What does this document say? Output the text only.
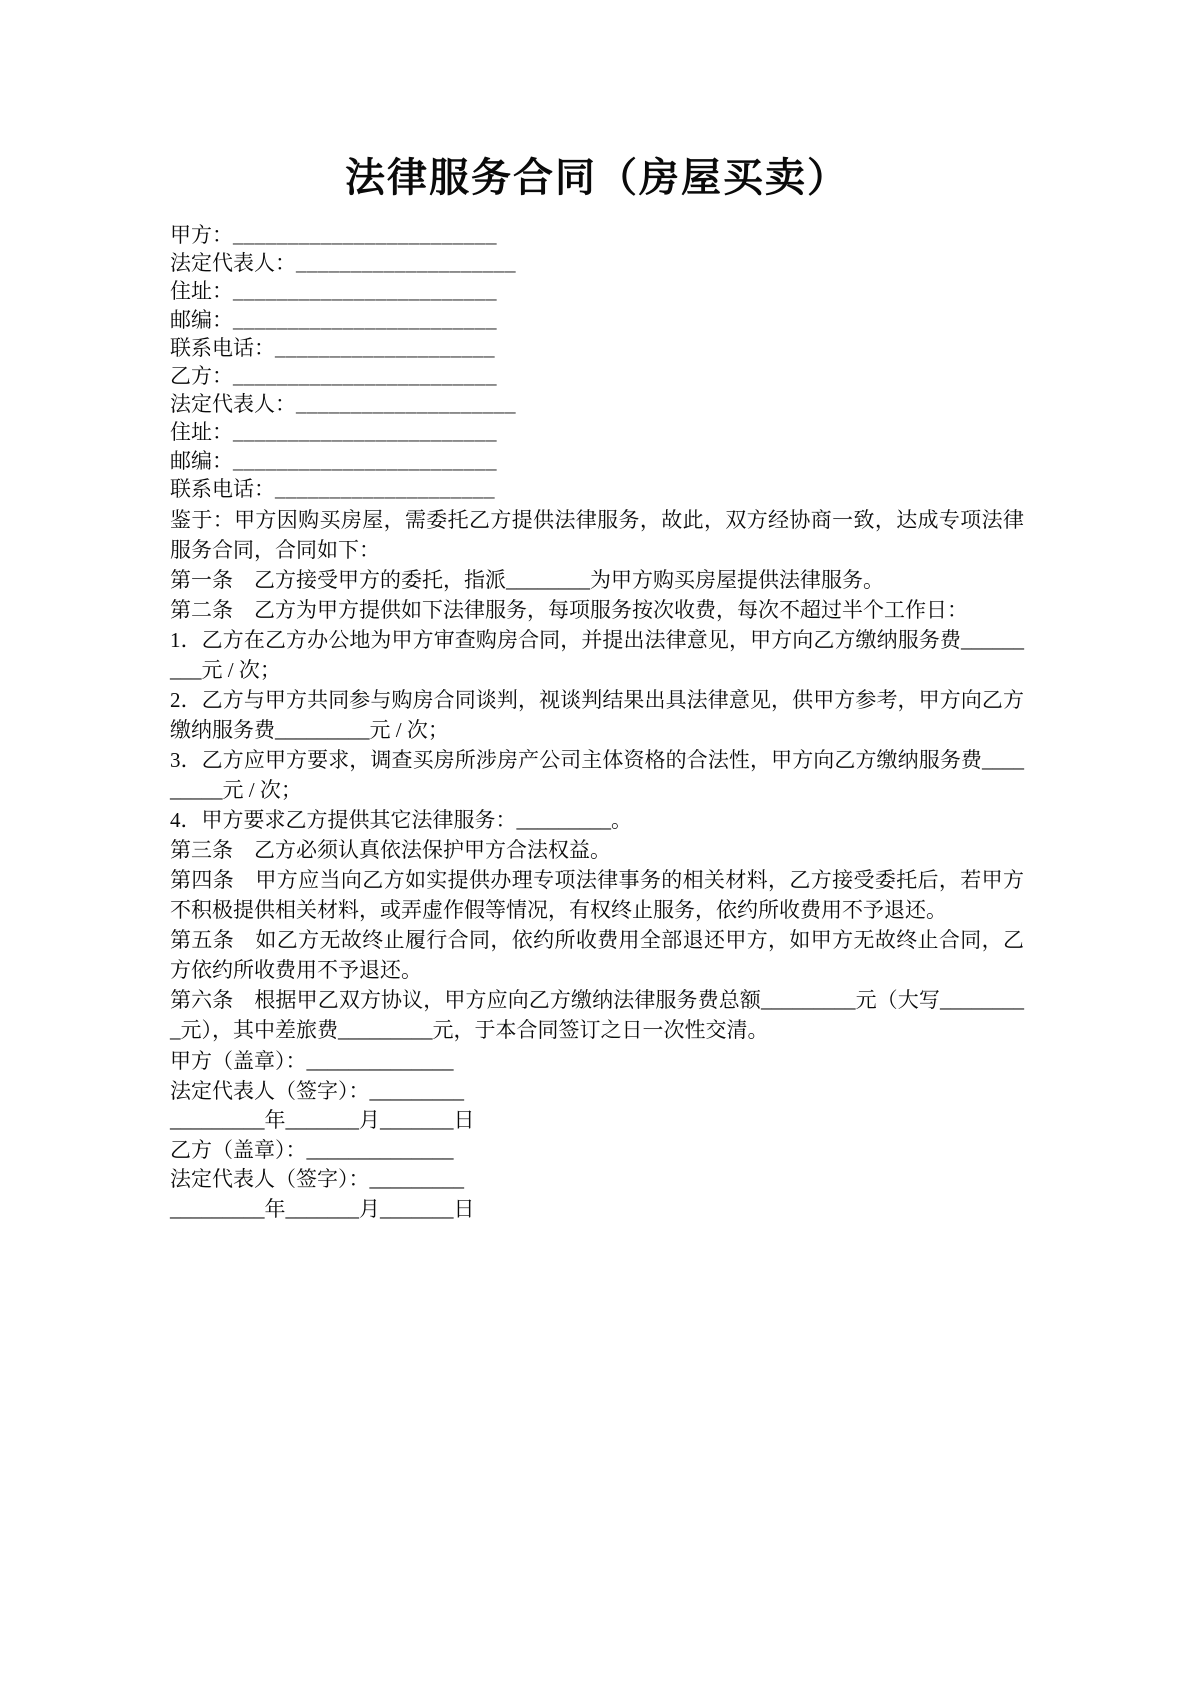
法律服务合同（房屋买卖）
甲方：________________________
法定代表人：____________________
住址：________________________
邮编：________________________
联系电话：____________________
乙方：________________________
法定代表人：____________________
住址：________________________
邮编：________________________
联系电话：____________________

鉴于：甲方因购买房屋，需委托乙方提供法律服务，故此，双方经协商一致，达成专项法律服务合同，合同如下：

第一条　乙方接受甲方的委托，指派________为甲方购买房屋提供法律服务。

第二条　乙方为甲方提供如下法律服务，每项服务按次收费，每次不超过半个工作日：

1．乙方在乙方办公地为甲方审查购房合同，并提出法律意见，甲方向乙方缴纳服务费_________元 / 次；

2．乙方与甲方共同参与购房合同谈判，视谈判结果出具法律意见，供甲方参考，甲方向乙方缴纳服务费_________元 / 次；

3．乙方应甲方要求，调查买房所涉房产公司主体资格的合法性，甲方向乙方缴纳服务费_________元 / 次；

4．甲方要求乙方提供其它法律服务：_________。

第三条　乙方必须认真依法保护甲方合法权益。

第四条　甲方应当向乙方如实提供办理专项法律事务的相关材料，乙方接受委托后，若甲方不积极提供相关材料，或弄虚作假等情况，有权终止服务，依约所收费用不予退还。

第五条　如乙方无故终止履行合同，依约所收费用全部退还甲方，如甲方无故终止合同，乙方依约所收费用不予退还。

第六条　根据甲乙双方协议，甲方应向乙方缴纳法律服务费总额_________元（大写_________元），其中差旅费_________元，于本合同签订之日一次性交清。

甲方（盖章）：______________

法定代表人（签字）：_________

_________年_______月_______日

乙方（盖章）：______________

法定代表人（签字）：_________

_________年_______月_______日
